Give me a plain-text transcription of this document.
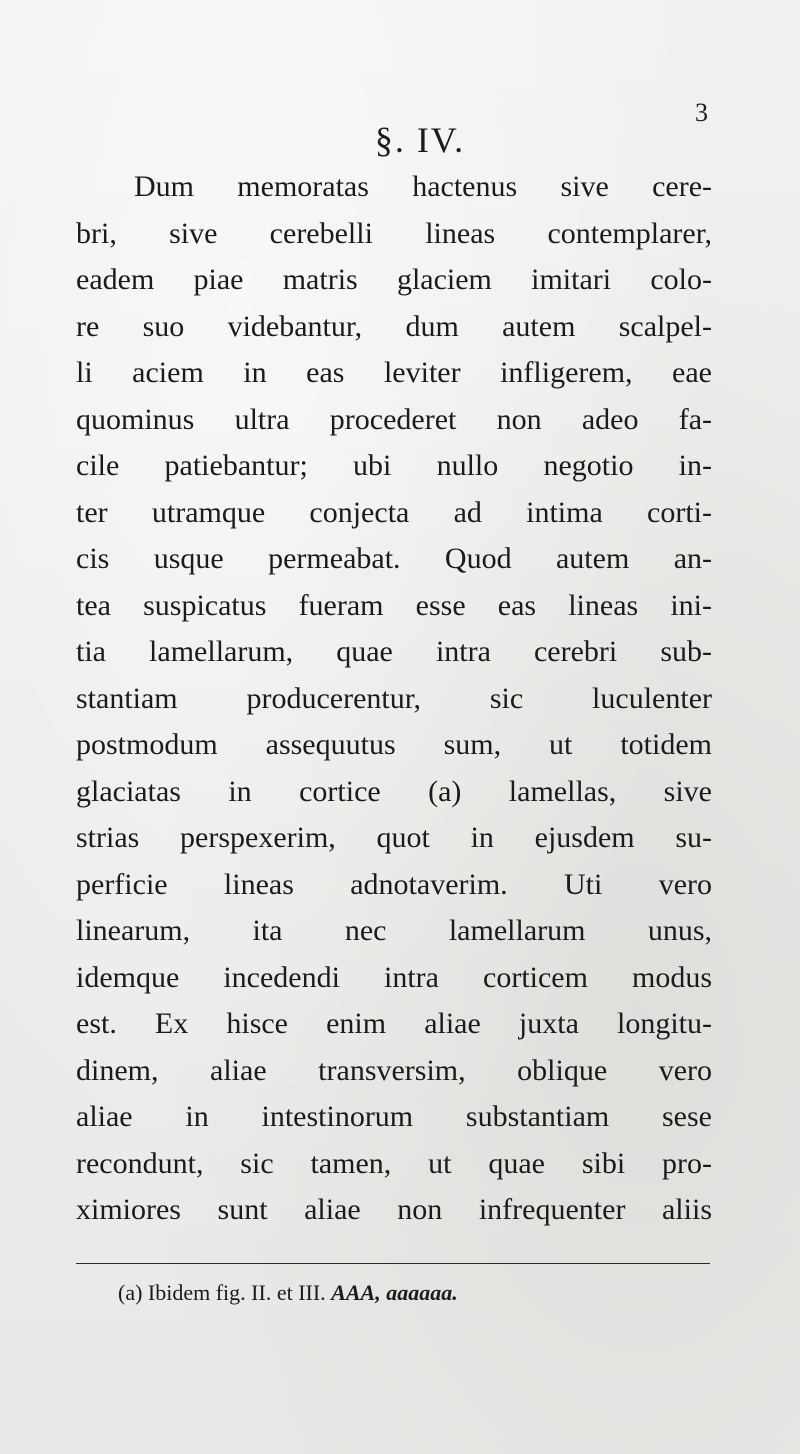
3
§. IV.
Dum memoratas hactenus sive cere-
bri, sive cerebelli lineas contemplarer,
eadem piae matris glaciem imitari colo-
re suo videbantur, dum autem scalpel-
li aciem in eas leviter infligerem, eae
quominus ultra procederet non adeo fa-
cile patiebantur; ubi nullo negotio in-
ter utramque conjecta ad intima corti-
cis usque permeabat. Quod autem an-
tea suspicatus fueram esse eas lineas ini-
tia lamellarum, quae intra cerebri sub-
stantiam producerentur, sic luculenter
postmodum assequutus sum, ut totidem
glaciatas in cortice (a) lamellas, sive
strias perspexerim, quot in ejusdem su-
perficie lineas adnotaverim. Uti vero
linearum, ita nec lamellarum unus,
idemque incedendi intra corticem modus
est. Ex hisce enim aliae juxta longitu-
dinem, aliae transversim, oblique vero
aliae in intestinorum substantiam sese
recondunt, sic tamen, ut quae sibi pro-
ximiores sunt aliae non infrequenter aliis
(a) Ibidem fig. II. et III. AAA, aaaaaa.
